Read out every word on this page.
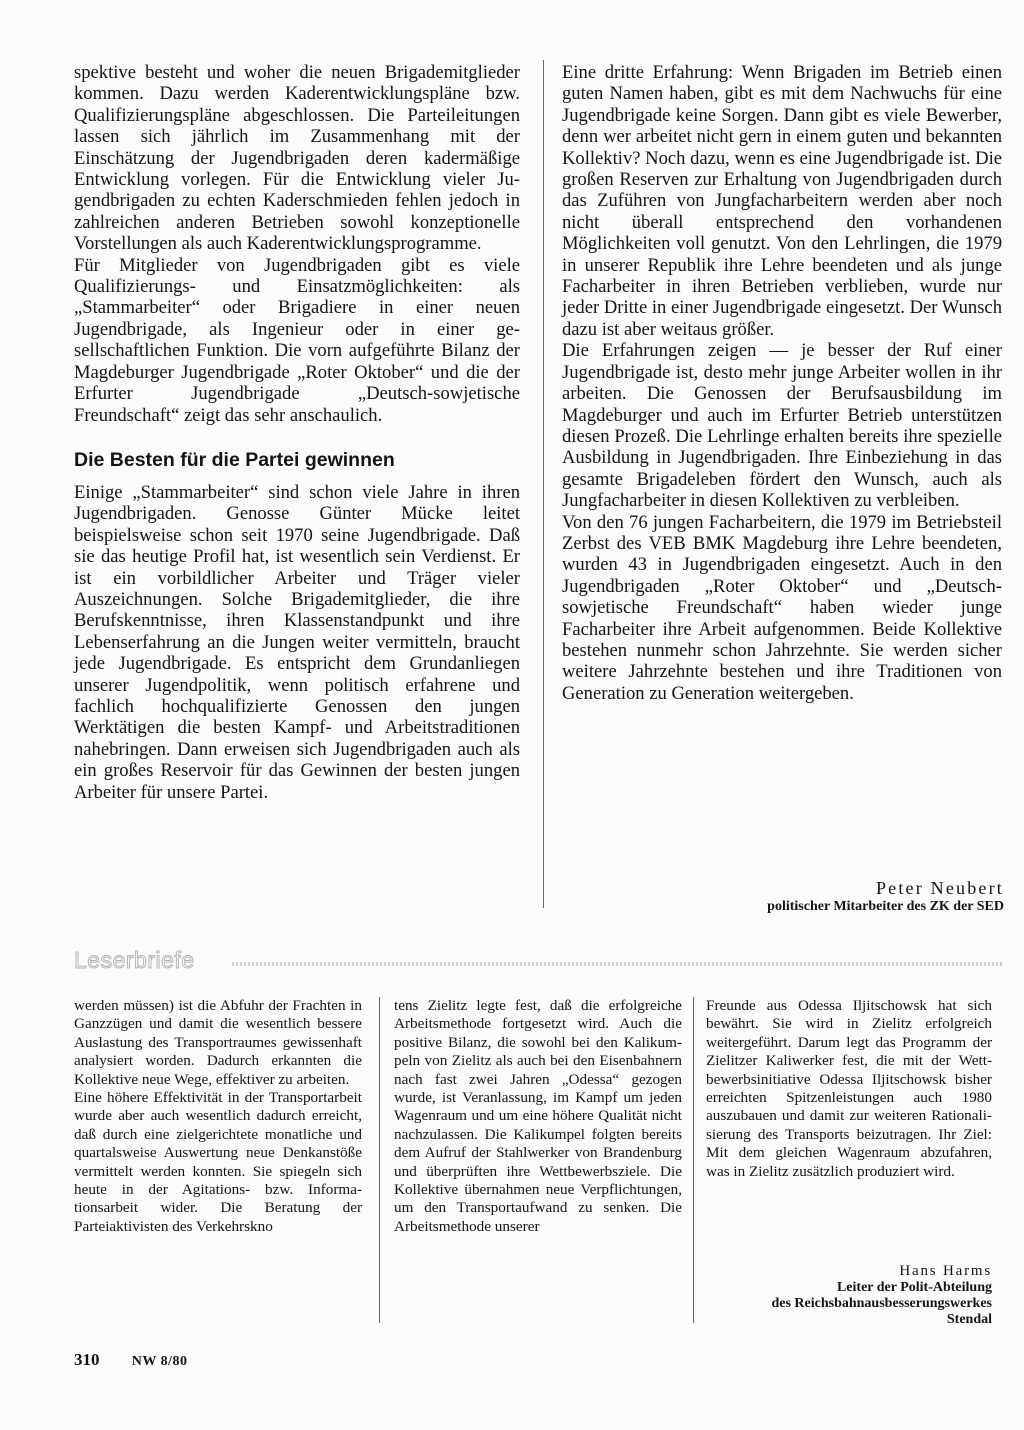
spektive besteht und woher die neuen Brigademitglieder kommen. Dazu werden Kaderentwicklungspläne bzw. Qualifizierungspläne abgeschlossen. Die Parteileitungen lassen sich jährlich im Zusammenhang mit der Einschätzung der Jugendbrigaden deren kadermäßige Entwicklung vorlegen. Für die Entwicklung vieler Jugendbrigaden zu echten Kaderschmieden fehlen jedoch in zahlreichen anderen Betrieben sowohl konzeptionelle Vorstellungen als auch Kaderentwicklungsprogramme.

Für Mitglieder von Jugendbrigaden gibt es viele Qualifizierungs- und Einsatzmöglichkeiten: als „Stammarbeiter“ oder Brigadiere in einer neuen Jugendbrigade, als Ingenieur oder in einer gesellschaftlichen Funktion. Die vorn aufgeführte Bilanz der Magdeburger Jugendbrigade „Roter Oktober“ und die der Erfurter Jugendbrigade „Deutsch-sowjetische Freundschaft“ zeigt das sehr anschaulich.

Die Besten für die Partei gewinnen

Einige „Stammarbeiter“ sind schon viele Jahre in ihren Jugendbrigaden. Genosse Günter Mücke leitet beispielsweise schon seit 1970 seine Jugendbrigade. Daß sie das heutige Profil hat, ist wesentlich sein Verdienst. Er ist ein vorbildlicher Arbeiter und Träger vieler Auszeichnungen. Solche Brigademitglieder, die ihre Berufskenntnisse, ihren Klassenstandpunkt und ihre Lebenserfahrung an die Jungen weiter vermitteln, braucht jede Jugendbrigade. Es entspricht dem Grundanliegen unserer Jugendpolitik, wenn politisch erfahrene und fachlich hochqualifizierte Genossen den jungen Werktätigen die besten Kampf- und Arbeitstraditionen nahebringen. Dann erweisen sich Jugendbrigaden auch als ein großes Reservoir für das Gewinnen der besten jungen Arbeiter für unsere Partei.

Eine dritte Erfahrung: Wenn Brigaden im Betrieb einen guten Namen haben, gibt es mit dem Nachwuchs für eine Jugendbrigade keine Sorgen. Dann gibt es viele Bewerber, denn wer arbeitet nicht gern in einem guten und bekannten Kollektiv? Noch dazu, wenn es eine Jugendbrigade ist. Die großen Reserven zur Erhaltung von Jugendbrigaden durch das Zuführen von Jungfacharbeitern werden aber noch nicht überall entsprechend den vorhandenen Möglichkeiten voll genutzt. Von den Lehrlingen, die 1979 in unserer Republik ihre Lehre beendeten und als junge Facharbeiter in ihren Betrieben verblieben, wurde nur jeder Dritte in einer Jugendbrigade eingesetzt. Der Wunsch dazu ist aber weitaus größer.

Die Erfahrungen zeigen — je besser der Ruf einer Jugendbrigade ist, desto mehr junge Arbeiter wollen in ihr arbeiten. Die Genossen der Berufsausbildung im Magdeburger und auch im Erfurter Betrieb unterstützen diesen Prozeß. Die Lehrlinge erhalten bereits ihre spezielle Ausbildung in Jugendbrigaden. Ihre Einbeziehung in das gesamte Brigadeleben fördert den Wunsch, auch als Jungfacharbeiter in diesen Kollektiven zu verbleiben.

Von den 76 jungen Facharbeitern, die 1979 im Betriebsteil Zerbst des VEB BMK Magdeburg ihre Lehre beendeten, wurden 43 in Jugendbrigaden eingesetzt. Auch in den Jugendbrigaden „Roter Oktober“ und „Deutsch-sowjetische Freundschaft“ haben wieder junge Facharbeiter ihre Arbeit aufgenommen. Beide Kollektive bestehen nunmehr schon Jahrzehnte. Sie werden sicher weitere Jahrzehnte bestehen und ihre Traditionen von Generation zu Generation weitergeben.

Peter Neubert
politischer Mitarbeiter des ZK der SED
Leserbriefe

werden müssen) ist die Abfuhr der Frachten in Ganzzügen und damit die wesentlich bessere Auslastung des Transportraumes gewissenhaft analysiert worden. Dadurch erkannten die Kollektive neue Wege, effektiver zu arbeiten.

Eine höhere Effektivität in der Transportarbeit wurde aber auch wesentlich dadurch erreicht, daß durch eine zielgerichtete monatliche und quartalsweise Auswertung neue Denkanstöße vermittelt werden konnten. Sie spiegeln sich heute in der Agitations- bzw. Informationsarbeit wider. Die Beratung der Parteiaktivisten des Verkehrskno

tens Zielitz legte fest, daß die erfolgreiche Arbeitsmethode fortgesetzt wird. Auch die positive Bilanz, die sowohl bei den Kalikumpeln von Zielitz als auch bei den Eisenbahnern nach fast zwei Jahren „Odessa“ gezogen wurde, ist Veranlassung, im Kampf um jeden Wagenraum und um eine höhere Qualität nicht nachzulassen. Die Kalikumpel folgten bereits dem Aufruf der Stahlwerker von Brandenburg und überprüften ihre Wettbewerbsziele. Die Kollektive übernahmen neue Verpflichtungen, um den Transportaufwand zu senken. Die Arbeitsmethode unserer

Freunde aus Odessa Iljitschowsk hat sich bewährt. Sie wird in Zielitz erfolgreich weitergeführt. Darum legt das Programm der Zielitzer Kaliwerker fest, die mit der Wettbewerbsinitiative Odessa Iljitschowsk bisher erreichten Spitzenleistungen auch 1980 auszubauen und damit zur weiteren Rationalisierung des Transports beizutragen. Ihr Ziel: Mit dem gleichen Wagenraum abzufahren, was in Zielitz zusätzlich produziert wird.

Hans Harms
Leiter der Polit-Abteilung
des Reichsbahnausbesserungswerkes
Stendal
310 NW 8/80
